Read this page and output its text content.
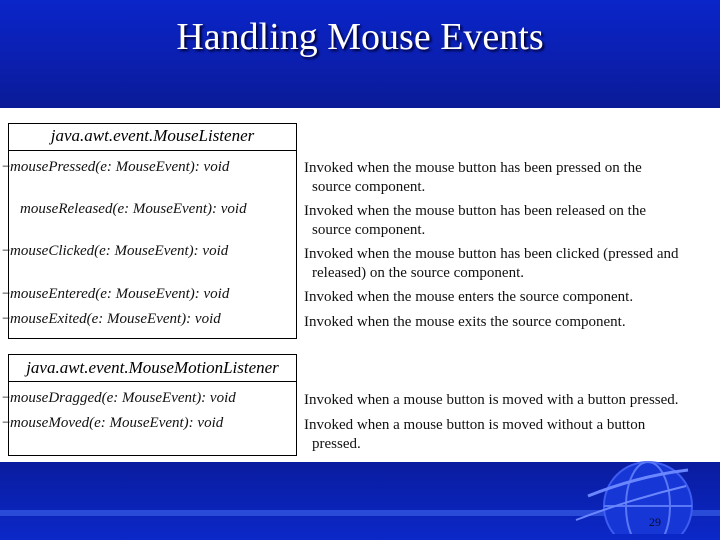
Handling Mouse Events
java.awt.event.MouseListener
− mousePressed(e: MouseEvent): void	Invoked when the mouse button has been pressed on the
source component.
mouseReleased(e: MouseEvent): void	Invoked when the mouse button has been released on the
source component.
− mouseClicked(e: MouseEvent): void	Invoked when the mouse button has been clicked (pressed and
released) on the source component.
− mouseEntered(e: MouseEvent): void	Invoked when the mouse enters the source component.
− mouseExited(e: MouseEvent): void	Invoked when the mouse exits the source component.
java.awt.event.MouseMotionListener
− mouseDragged(e: MouseEvent): void	Invoked when a mouse button is moved with a button pressed.
− mouseMoved(e: MouseEvent): void	Invoked when a mouse button is moved without a button
pressed.
29
